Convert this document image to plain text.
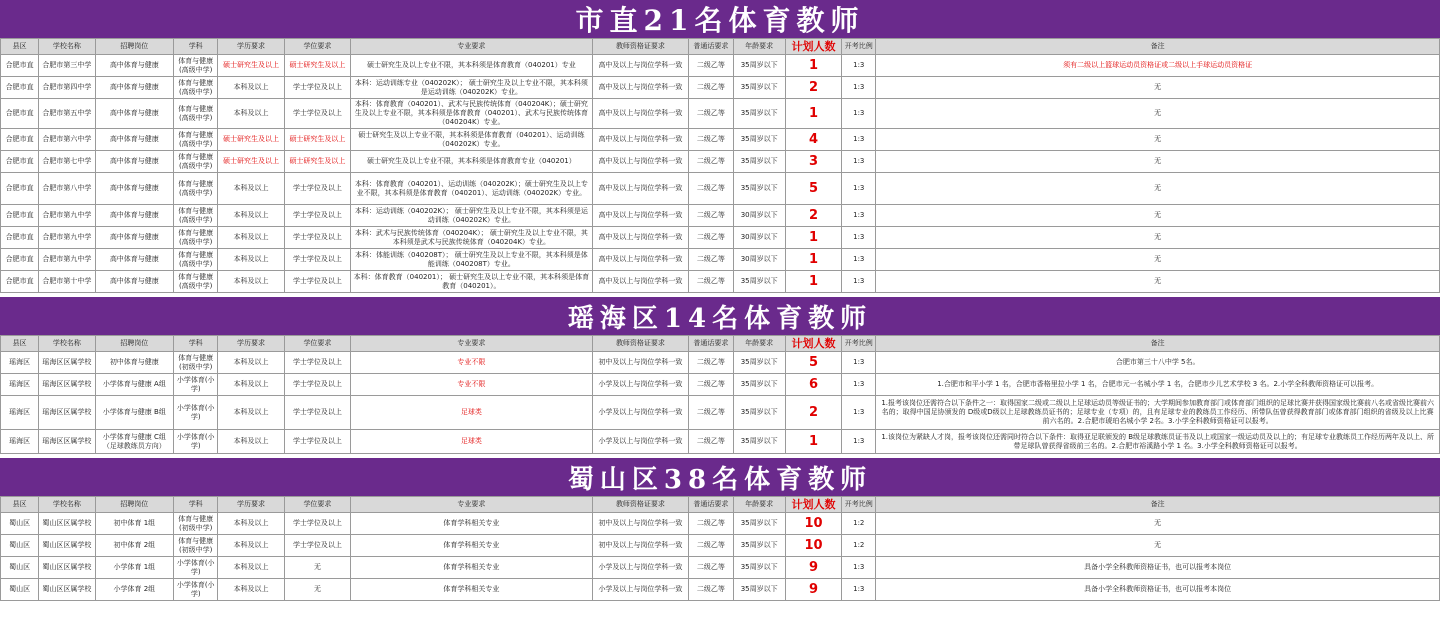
市直21名体育教师
县区	学校名称	招聘岗位	学科	学历要求	学位要求	专业要求	教师资格证要求	普通话要求	年龄要求	计划人数	开考比例	备注
合肥市直	合肥市第三中学	高中体育与健康	体育与健康(高级中学)	硕士研究生及以上	硕士研究生及以上	硕士研究生及以上专业不限，其本科须是体育教育（040201）专业	高中及以上与岗位学科一致	二级乙等	35周岁以下	1	1:3	须有二级以上篮球运动员资格证或二级以上手球运动员资格证
合肥市直	合肥市第四中学	高中体育与健康	体育与健康(高级中学)	本科及以上	学士学位及以上	本科：运动训练专业（040202K）； 硕士研究生及以上专业不限，其本科须是运动训练（040202K）专业。	高中及以上与岗位学科一致	二级乙等	35周岁以下	2	1:3	无
合肥市直	合肥市第五中学	高中体育与健康	体育与健康(高级中学)	本科及以上	学士学位及以上	本科：体育教育（040201）、武术与民族传统体育（040204K）；硕士研究生及以上专业不限，其本科须是体育教育（040201）、武术与民族传统体育（040204K）专业。	高中及以上与岗位学科一致	二级乙等	35周岁以下	1	1:3	无
合肥市直	合肥市第六中学	高中体育与健康	体育与健康(高级中学)	硕士研究生及以上	硕士研究生及以上	硕士研究生及以上专业不限，其本科须是体育教育（040201）、运动训练（040202K）专业。	高中及以上与岗位学科一致	二级乙等	35周岁以下	4	1:3	无
合肥市直	合肥市第七中学	高中体育与健康	体育与健康(高级中学)	硕士研究生及以上	硕士研究生及以上	硕士研究生及以上专业不限，其本科须是体育教育专业（040201）	高中及以上与岗位学科一致	二级乙等	35周岁以下	3	1:3	无
合肥市直	合肥市第八中学	高中体育与健康	体育与健康(高级中学)	本科及以上	学士学位及以上	本科：体育教育（040201）、运动训练（040202K）；硕士研究生及以上专业不限，其本科须是体育教育（040201）、运动训练（040202K）专业。	高中及以上与岗位学科一致	二级乙等	35周岁以下	5	1:3	无
合肥市直	合肥市第九中学	高中体育与健康	体育与健康(高级中学)	本科及以上	学士学位及以上	本科：运动训练（040202K）； 硕士研究生及以上专业不限，其本科须是运动训练（040202K）专业。	高中及以上与岗位学科一致	二级乙等	30周岁以下	2	1:3	无
合肥市直	合肥市第九中学	高中体育与健康	体育与健康(高级中学)	本科及以上	学士学位及以上	本科：武术与民族传统体育（040204K）； 硕士研究生及以上专业不限，其本科须是武术与民族传统体育（040204K）专业。	高中及以上与岗位学科一致	二级乙等	30周岁以下	1	1:3	无
合肥市直	合肥市第九中学	高中体育与健康	体育与健康(高级中学)	本科及以上	学士学位及以上	本科：体能训练（040208T）； 硕士研究生及以上专业不限，其本科须是体能训练（040208T）专业。	高中及以上与岗位学科一致	二级乙等	30周岁以下	1	1:3	无
合肥市直	合肥市第十中学	高中体育与健康	体育与健康(高级中学)	本科及以上	学士学位及以上	本科：体育教育（040201）； 硕士研究生及以上专业不限，其本科须是体育教育（040201）。	高中及以上与岗位学科一致	二级乙等	35周岁以下	1	1:3	无
瑶海区14名体育教师
县区	学校名称	招聘岗位	学科	学历要求	学位要求	专业要求	教师资格证要求	普通话要求	年龄要求	计划人数	开考比例	备注
瑶海区	瑶海区区属学校	初中体育与健康	体育与健康(初级中学)	本科及以上	学士学位及以上	专业不限	初中及以上与岗位学科一致	二级乙等	35周岁以下	5	1:3	合肥市第三十八中学 5名。
瑶海区	瑶海区区属学校	小学体育与健康 A组	小学体育(小学)	本科及以上	学士学位及以上	专业不限	小学及以上与岗位学科一致	二级乙等	35周岁以下	6	1:3	1.合肥市和平小学 1 名，合肥市香格里拉小学 1 名，合肥市元一名城小学 1 名，合肥市少儿艺术学校 3 名。2.小学全科教师资格证可以报考。
瑶海区	瑶海区区属学校	小学体育与健康 B组	小学体育(小学)	本科及以上	学士学位及以上	足球类	小学及以上与岗位学科一致	二级乙等	35周岁以下	2	1:3	1.报考该岗位还需符合以下条件之一：取得国家二级或二级以上足球运动员等级证书的；大学期间参加教育部门或体育部门组织的足球比赛并获得国家级比赛前八名或省级比赛前六名的；取得中国足协颁发的 D级或D级以上足球教练员证书的；足球专业（专项）的，且有足球专业的教练员工作经历、所带队伍曾获得教育部门或体育部门组织的省级及以上比赛前六名的。2.合肥市琥珀名城小学 2名。3.小学全科教师资格证可以报考。
瑶海区	瑶海区区属学校	小学体育与健康 C组（足球教练员方向）	小学体育(小学)	本科及以上	学士学位及以上	足球类	小学及以上与岗位学科一致	二级乙等	35周岁以下	1	1:3	1.该岗位为紧缺人才岗，报考该岗位还需同时符合以下条件：取得亚足联颁发的 B级足球教练员证书及以上或国家一级运动员及以上的；有足球专业教练员工作经历两年及以上、所带足球队曾获得省级前三名的。2.合肥市裕溪路小学 1 名。3.小学全科教师资格证可以报考。
蜀山区38名体育教师
县区	学校名称	招聘岗位	学科	学历要求	学位要求	专业要求	教师资格证要求	普通话要求	年龄要求	计划人数	开考比例	备注
蜀山区	蜀山区区属学校	初中体育 1组	体育与健康(初级中学)	本科及以上	学士学位及以上	体育学科相关专业	初中及以上与岗位学科一致	二级乙等	35周岁以下	10	1:2	无
蜀山区	蜀山区区属学校	初中体育 2组	体育与健康(初级中学)	本科及以上	学士学位及以上	体育学科相关专业	初中及以上与岗位学科一致	二级乙等	35周岁以下	10	1:2	无
蜀山区	蜀山区区属学校	小学体育 1组	小学体育(小学)	本科及以上	无	体育学科相关专业	小学及以上与岗位学科一致	二级乙等	35周岁以下	9	1:3	具备小学全科教师资格证书，也可以报考本岗位
蜀山区	蜀山区区属学校	小学体育 2组	小学体育(小学)	本科及以上	无	体育学科相关专业	小学及以上与岗位学科一致	二级乙等	35周岁以下	9	1:3	具备小学全科教师资格证书，也可以报考本岗位
